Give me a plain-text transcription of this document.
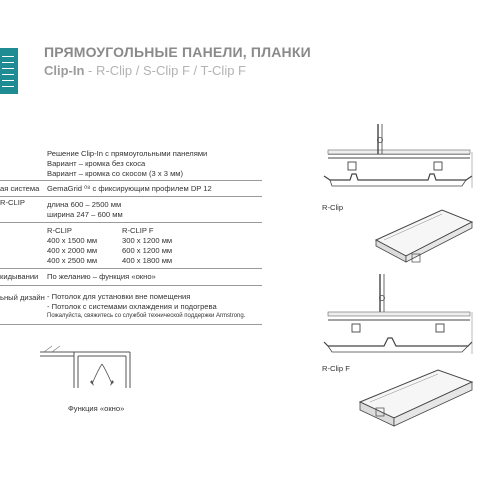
ПРЯМОУГОЛЬНЫЕ ПАНЕЛИ, ПЛАНКИ
Clip-In - R-Clip / S-Clip F / T-Clip F
Решение Clip-In с прямоугольными панелями
Вариант – кромка без скоса
Вариант – кромка со скосом (3 x 3 мм)
ая система GemaGrid ⁰⁸ с фиксирующим профилем DP 12
R-CLIP	длина 600 – 2500 мм
ширина 247 – 600 мм
R-CLIP	R-CLIP F
400 x 1500 мм
400 x 2000 мм
400 x 2500 мм
300 x 1200 мм
600 x 1200 мм
400 x 1800 мм
кидывании По желанию – функция «окно»
ьный дизайн - Потолок для установки вне помещения
- Потолок с системами охлаждения и подогрева
Пожалуйста, свяжитесь со службой технической поддержки Armstrong.
Функция «окно»
R-Clip
R-Clip F
